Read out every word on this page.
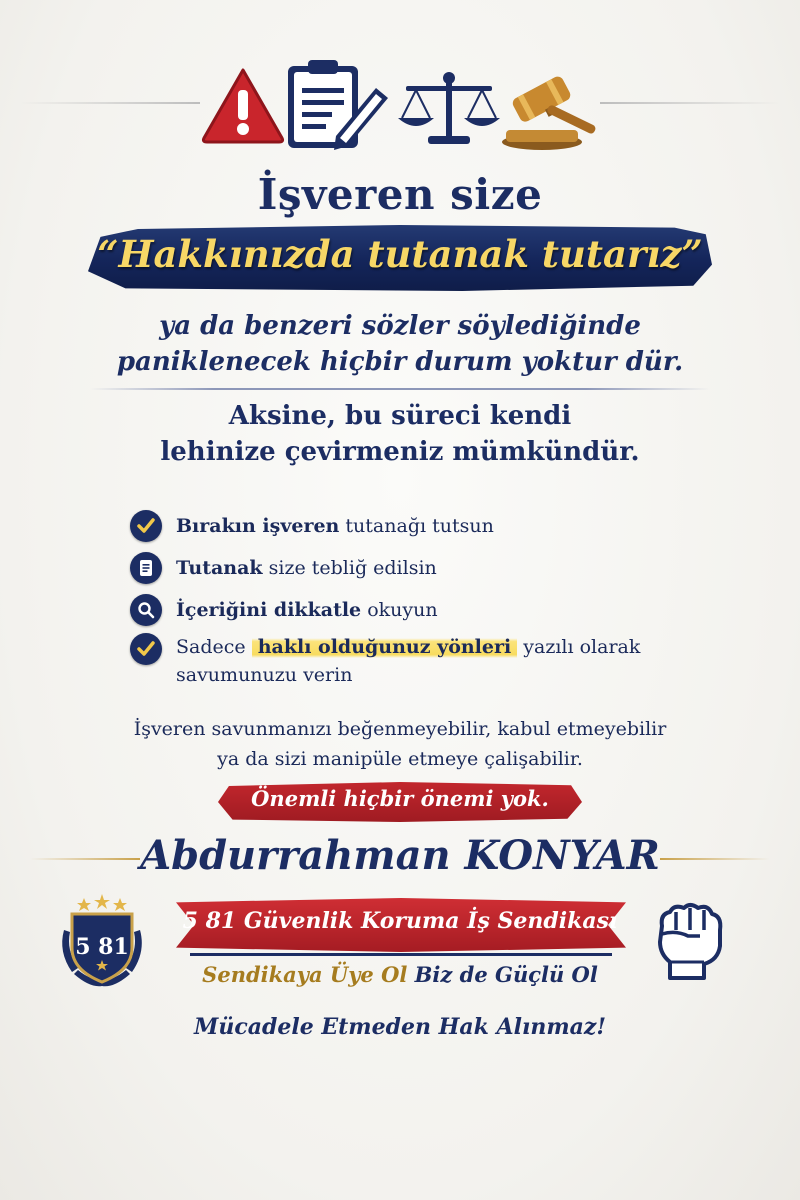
İşveren size
“Hakkınızda tutanak tutarız”
ya da benzeri sözler söylediğinde
paniklenecek hiçbir durum yoktur dür.
Aksine, bu süreci kendi
lehinize çevirmeniz mümkündür.
Bırakın işveren tutanağı tutsun
Tutanak size tebliğ edilsin
İçeriğini dikkatle okuyun
Sadece haklı olduğunuz yönleri yazılı olarak
savumunuzu verin
İşveren savunmanızı beğenmeyebilir, kabul etmeyebilir
ya da sizi manipüle etmeye çalişabilir.
Önemli hiçbir önemi yok.
Abdurrahman KONYAR
5 81
5 81 Güvenlik Koruma İş Sendikası
Sendikaya Üye Ol Biz de Güçlü Ol
Mücadele Etmeden Hak Alınmaz!
